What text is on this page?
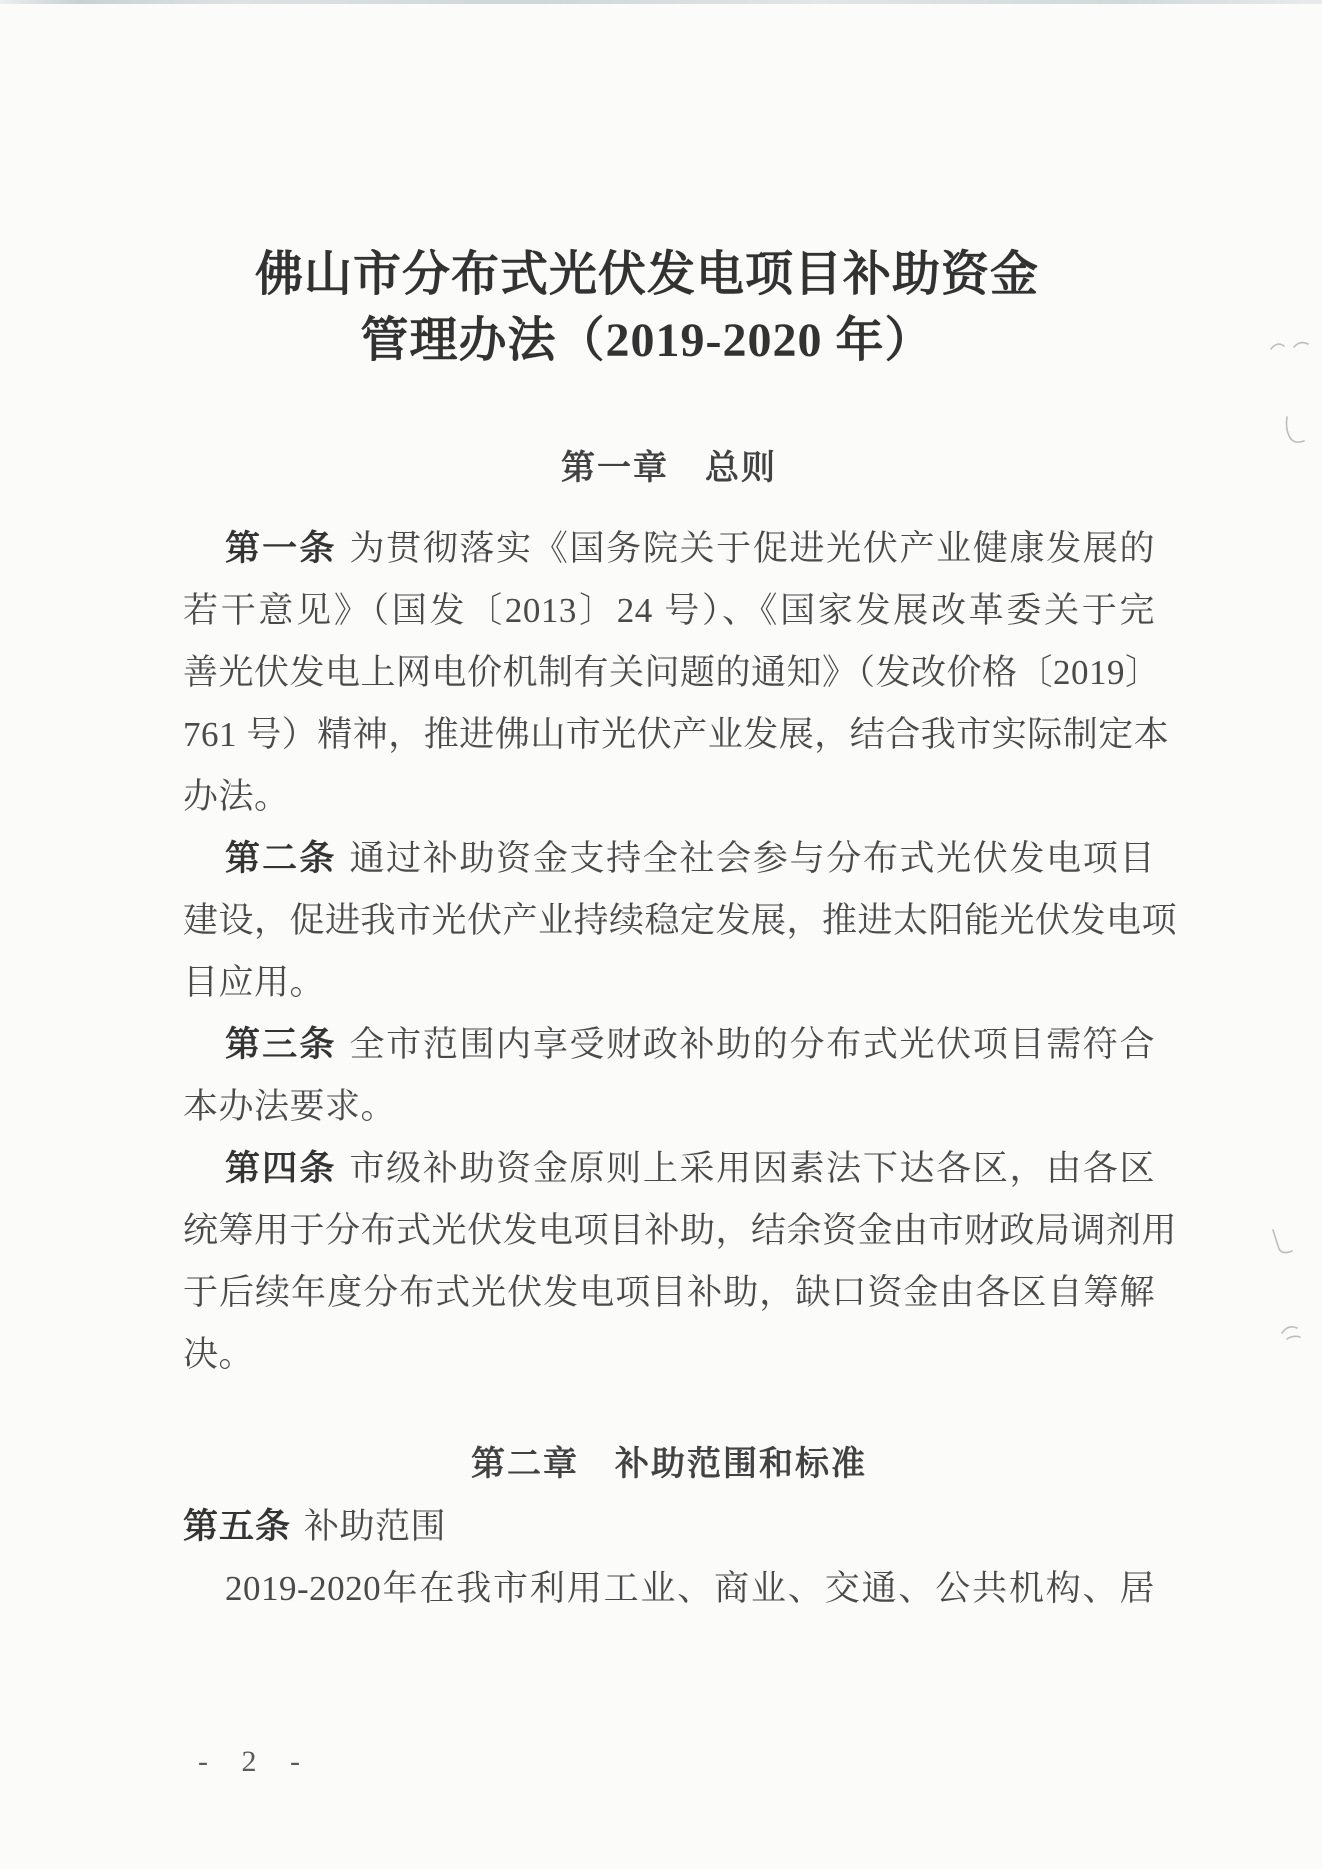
佛山市分布式光伏发电项目补助资金
管理办法（2019-2020 年）
第一章　总则
第一条 为贯彻落实《国务院关于促进光伏产业健康发展的
若干意见》（国发〔2013〕24 号）、《国家发展改革委关于完
善光伏发电上网电价机制有关问题的通知》（发改价格〔2019〕
761 号）精神，推进佛山市光伏产业发展，结合我市实际制定本
办法。
第二条 通过补助资金支持全社会参与分布式光伏发电项目
建设，促进我市光伏产业持续稳定发展，推进太阳能光伏发电项
目应用。
第三条 全市范围内享受财政补助的分布式光伏项目需符合
本办法要求。
第四条 市级补助资金原则上采用因素法下达各区，由各区
统筹用于分布式光伏发电项目补助，结余资金由市财政局调剂用
于后续年度分布式光伏发电项目补助，缺口资金由各区自筹解
决。
第二章　补助范围和标准
第五条 补助范围
2019-2020年在我市利用工业、商业、交通、公共机构、居
- 2 -
